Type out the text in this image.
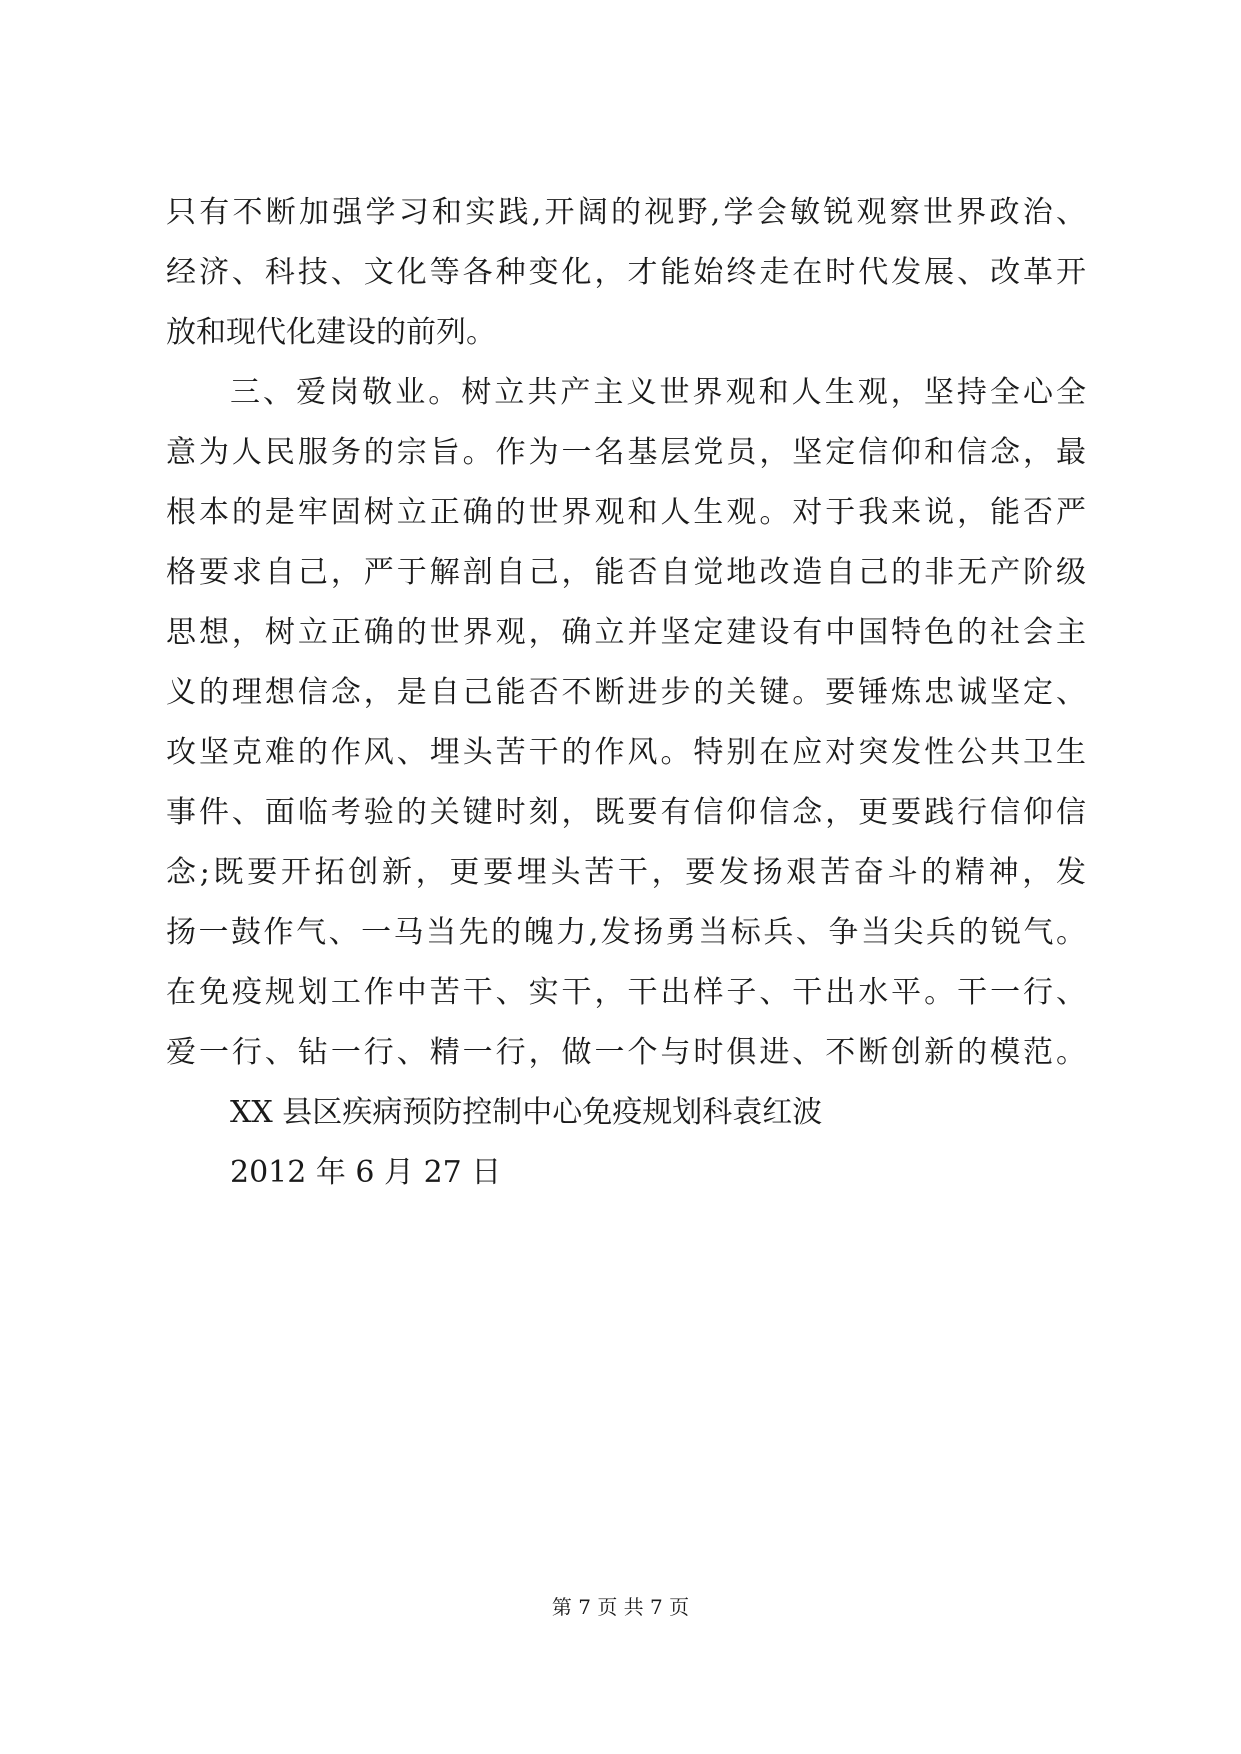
只有不断加强学习和实践,开阔的视野,学会敏锐观察世界政治、
经济、科技、文化等各种变化，才能始终走在时代发展、改革开
放和现代化建设的前列。
三、爱岗敬业。树立共产主义世界观和人生观，坚持全心全
意为人民服务的宗旨。作为一名基层党员，坚定信仰和信念，最
根本的是牢固树立正确的世界观和人生观。对于我来说，能否严
格要求自己，严于解剖自己，能否自觉地改造自己的非无产阶级
思想，树立正确的世界观，确立并坚定建设有中国特色的社会主
义的理想信念，是自己能否不断进步的关键。要锤炼忠诚坚定、
攻坚克难的作风、埋头苦干的作风。特别在应对突发性公共卫生
事件、面临考验的关键时刻，既要有信仰信念，更要践行信仰信
念;既要开拓创新，更要埋头苦干，要发扬艰苦奋斗的精神，发
扬一鼓作气、一马当先的魄力,发扬勇当标兵、争当尖兵的锐气。
在免疫规划工作中苦干、实干，干出样子、干出水平。干一行、
爱一行、钻一行、精一行，做一个与时俱进、不断创新的模范。
XX 县区疾病预防控制中心免疫规划科袁红波
2012 年 6 月 27 日
第 7 页 共 7 页
